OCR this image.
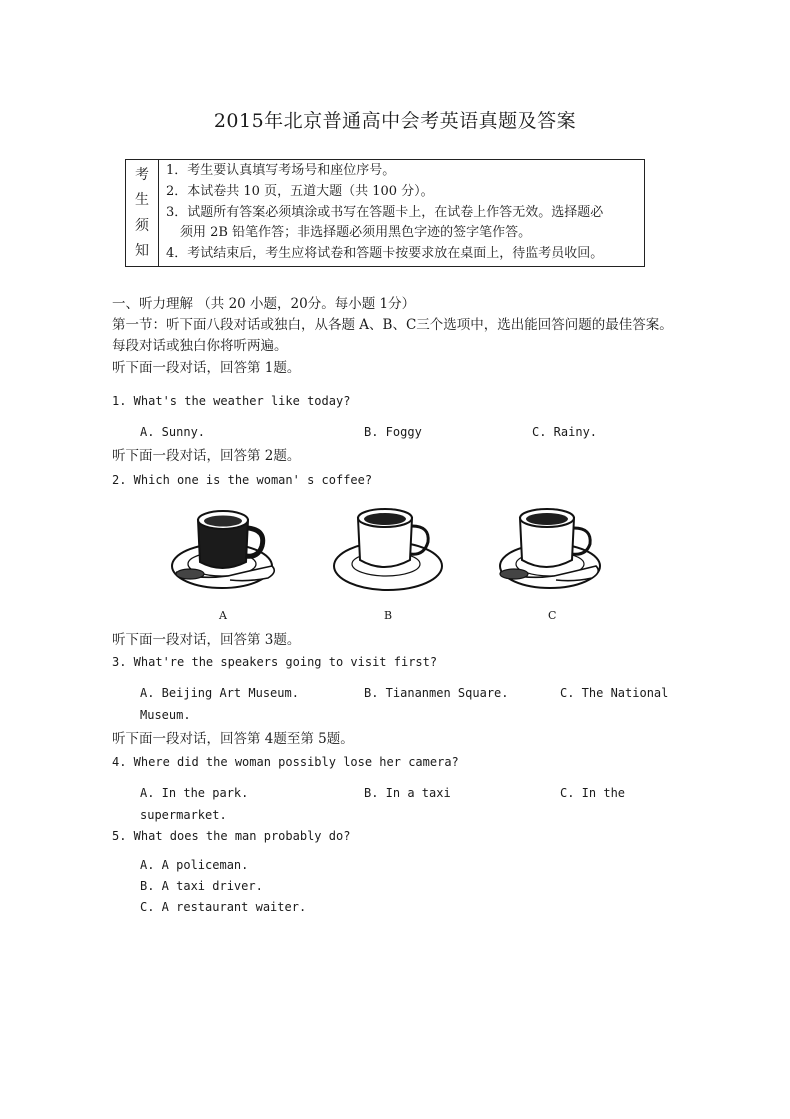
2015年北京普通高中会考英语真题及答案
考
生
须
知
1．考生要认真填写考场号和座位序号。
2．本试卷共 10 页，五道大题（共 100 分）。
3．试题所有答案必须填涂或书写在答题卡上，在试卷上作答无效。选择题必
须用 2B 铅笔作答；非选择题必须用黑色字迹的签字笔作答。
4．考试结束后，考生应将试卷和答题卡按要求放在桌面上，待监考员收回。
一、听力理解 （共 20 小题，20分。每小题 1分）
第一节：听下面八段对话或独白，从各题 A、B、C三个选项中，选出能回答问题的最佳答案。
每段对话或独白你将听两遍。
听下面一段对话，回答第 1题。
1. What's the weather like today?
A. Sunny.	B. Foggy	C. Rainy.
听下面一段对话，回答第 2题。
2. Which one is the woman' s coffee?
A	B	C
听下面一段对话，回答第 3题。
3. What're the speakers going to visit first?
A. Beijing Art Museum.	B. Tiananmen Square.	C. The National
Museum.
听下面一段对话，回答第 4题至第 5题。
4. Where did the woman possibly lose her camera?
A. In the park.	B. In a taxi	C. In the
supermarket.
5. What does the man probably do?
A. A policeman.
B. A taxi driver.
C. A restaurant waiter.
